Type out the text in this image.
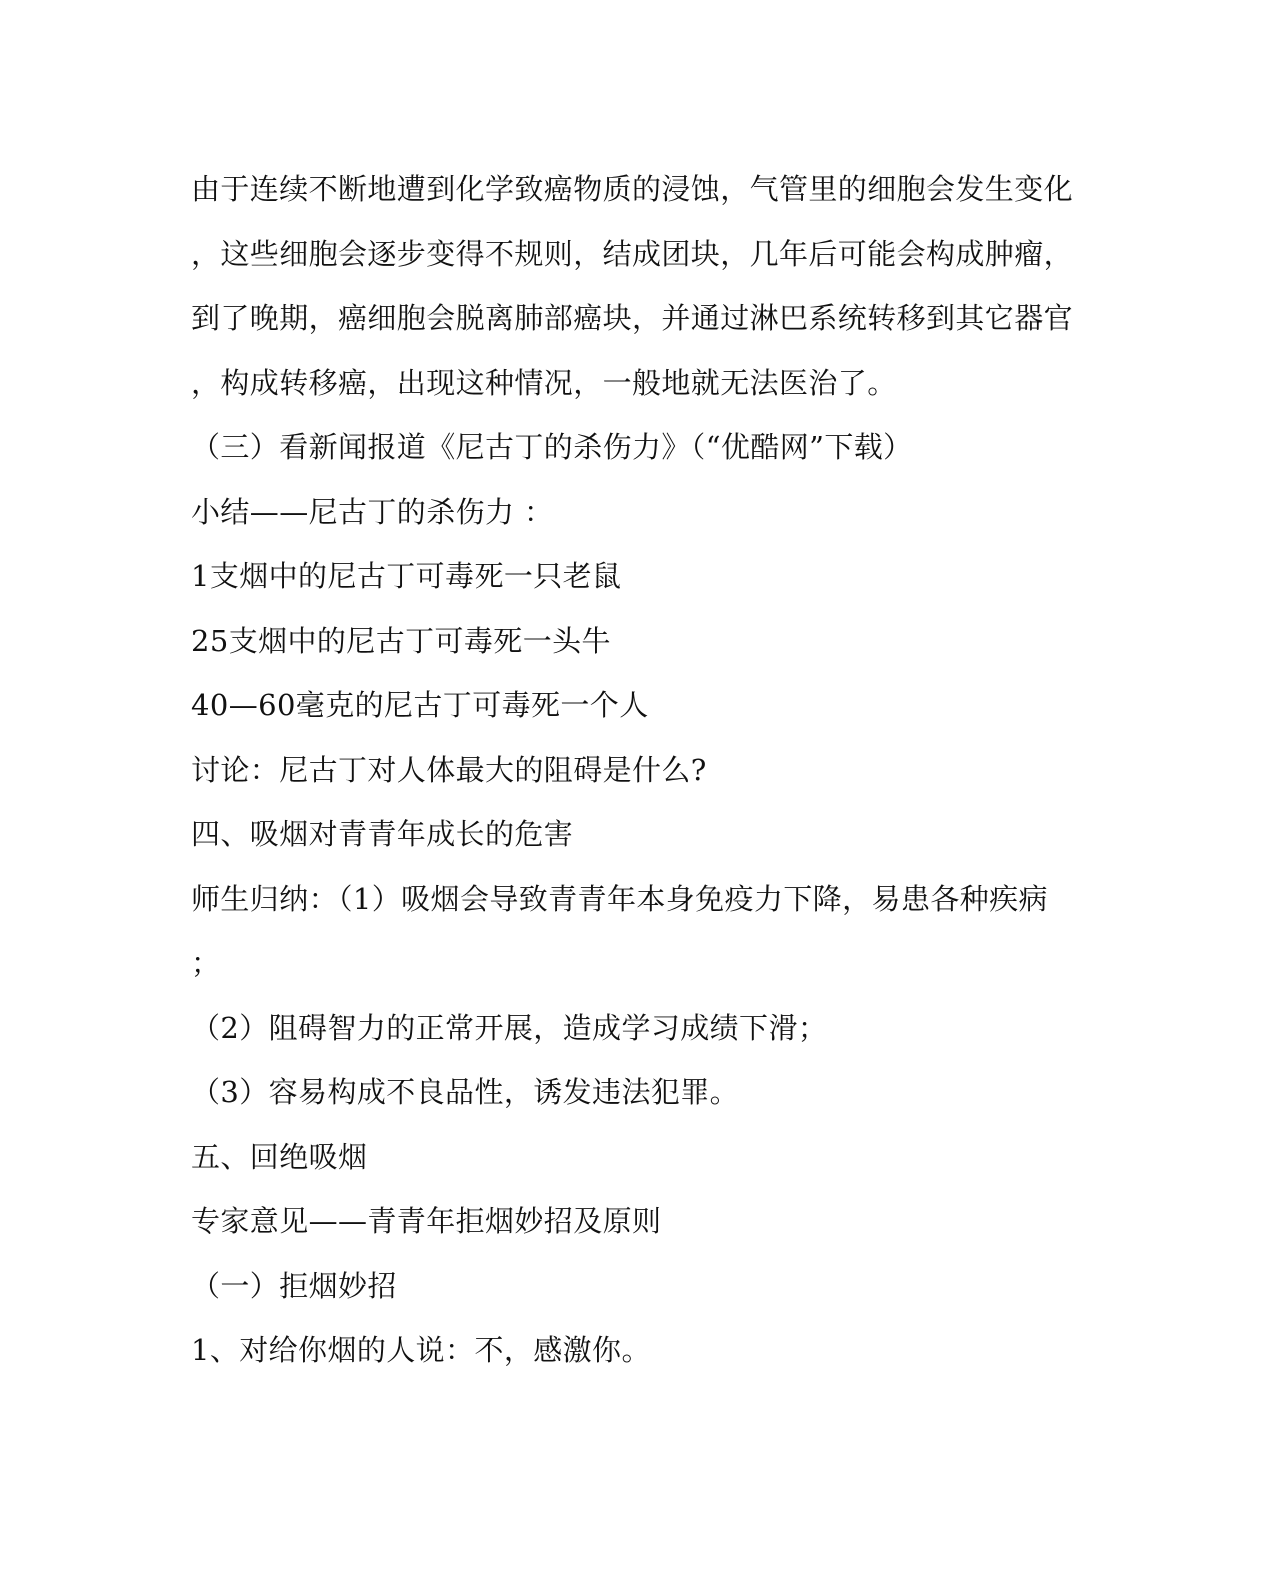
由于连续不断地遭到化学致癌物质的浸蚀，气管里的细胞会发生变化
，这些细胞会逐步变得不规则，结成团块，几年后可能会构成肿瘤，
到了晚期，癌细胞会脱离肺部癌块，并通过淋巴系统转移到其它器官
，构成转移癌，出现这种情况，一般地就无法医治了。
（三）看新闻报道《尼古丁的杀伤力》（“优酷网”下载）
小结——尼古丁的杀伤力 ：
1支烟中的尼古丁可毒死一只老鼠
25支烟中的尼古丁可毒死一头牛
40—60毫克的尼古丁可毒死一个人
讨论：尼古丁对人体最大的阻碍是什么?
四、吸烟对青青年成长的危害
师生归纳：（1）吸烟会导致青青年本身免疫力下降，易患各种疾病
；
（2）阻碍智力的正常开展，造成学习成绩下滑；
（3）容易构成不良品性，诱发违法犯罪。
五、回绝吸烟
专家意见——青青年拒烟妙招及原则
（一）拒烟妙招
1、对给你烟的人说：不，感激你。
